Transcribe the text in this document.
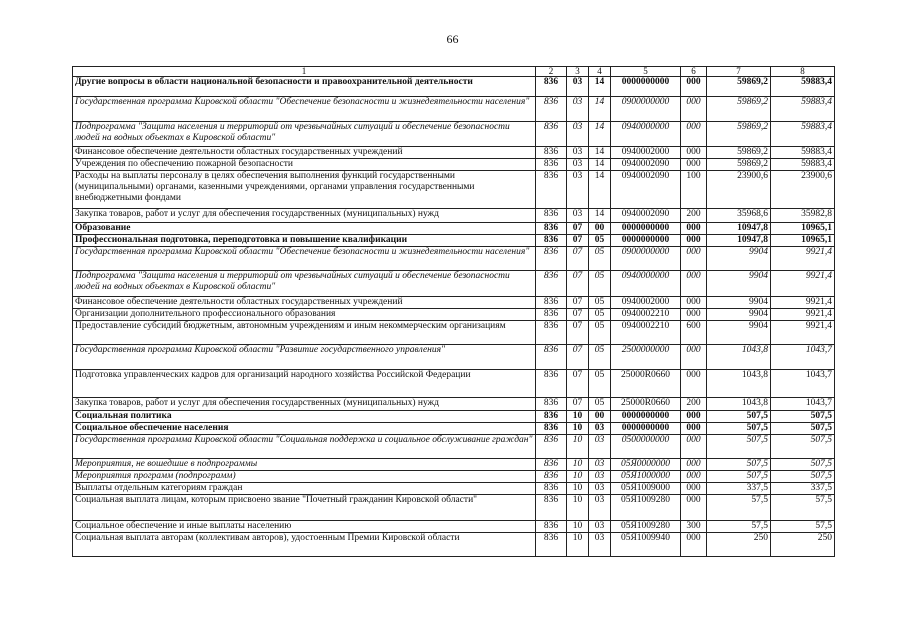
66
1	2	3	4	5	6	7	8
Другие вопросы в области национальной безопасности и правоохранительной деятельности	836	03	14	0000000000	000	59869,2	59883,4
Государственная программа Кировской области "Обеспечение безопасности и жизнедеятельности населения"	836	03	14	0900000000	000	59869,2	59883,4
Подпрограмма "Защита населения и территорий от чрезвычайных ситуаций и обеспечение безопасности людей на водных объектах в Кировской области"	836	03	14	0940000000	000	59869,2	59883,4
Финансовое обеспечение деятельности областных государственных учреждений	836	03	14	0940002000	000	59869,2	59883,4
Учреждения по обеспечению пожарной безопасности	836	03	14	0940002090	000	59869,2	59883,4
Расходы на выплаты персоналу в целях обеспечения выполнения функций государственными (муниципальными) органами, казенными учреждениями, органами управления государственными внебюджетными фондами	836	03	14	0940002090	100	23900,6	23900,6
Закупка товаров, работ и услуг для обеспечения государственных (муниципальных) нужд	836	03	14	0940002090	200	35968,6	35982,8
Образование	836	07	00	0000000000	000	10947,8	10965,1
Профессиональная подготовка, переподготовка и повышение квалификации	836	07	05	0000000000	000	10947,8	10965,1
Государственная программа Кировской области "Обеспечение безопасности и жизнедеятельности населения"	836	07	05	0900000000	000	9904	9921,4
Подпрограмма "Защита населения и территорий от чрезвычайных ситуаций и обеспечение безопасности людей на водных объектах в Кировской области"	836	07	05	0940000000	000	9904	9921,4
Финансовое обеспечение деятельности областных государственных учреждений	836	07	05	0940002000	000	9904	9921,4
Организации дополнительного профессионального образования	836	07	05	0940002210	000	9904	9921,4
Предоставление субсидий бюджетным, автономным учреждениям и иным некоммерческим организациям	836	07	05	0940002210	600	9904	9921,4
Государственная программа Кировской области "Развитие государственного управления"	836	07	05	2500000000	000	1043,8	1043,7
Подготовка управленческих кадров для организаций народного хозяйства Российской Федерации	836	07	05	25000R0660	000	1043,8	1043,7
Закупка товаров, работ и услуг для обеспечения государственных (муниципальных) нужд	836	07	05	25000R0660	200	1043,8	1043,7
Социальная политика	836	10	00	0000000000	000	507,5	507,5
Социальное обеспечение населения	836	10	03	0000000000	000	507,5	507,5
Государственная программа Кировской области "Социальная поддержка и социальное обслуживание граждан"	836	10	03	0500000000	000	507,5	507,5
Мероприятия, не вошедшие в подпрограммы	836	10	03	05Я0000000	000	507,5	507,5
Мероприятия программ (подпрограмм)	836	10	03	05Я1000000	000	507,5	507,5
Выплаты отдельным категориям граждан	836	10	03	05Я1009000	000	337,5	337,5
Социальная выплата лицам, которым присвоено звание "Почетный гражданин Кировской области"	836	10	03	05Я1009280	000	57,5	57,5
Социальное обеспечение и иные выплаты населению	836	10	03	05Я1009280	300	57,5	57,5
Социальная выплата авторам (коллективам авторов), удостоенным Премии Кировской области	836	10	03	05Я1009940	000	250	250
